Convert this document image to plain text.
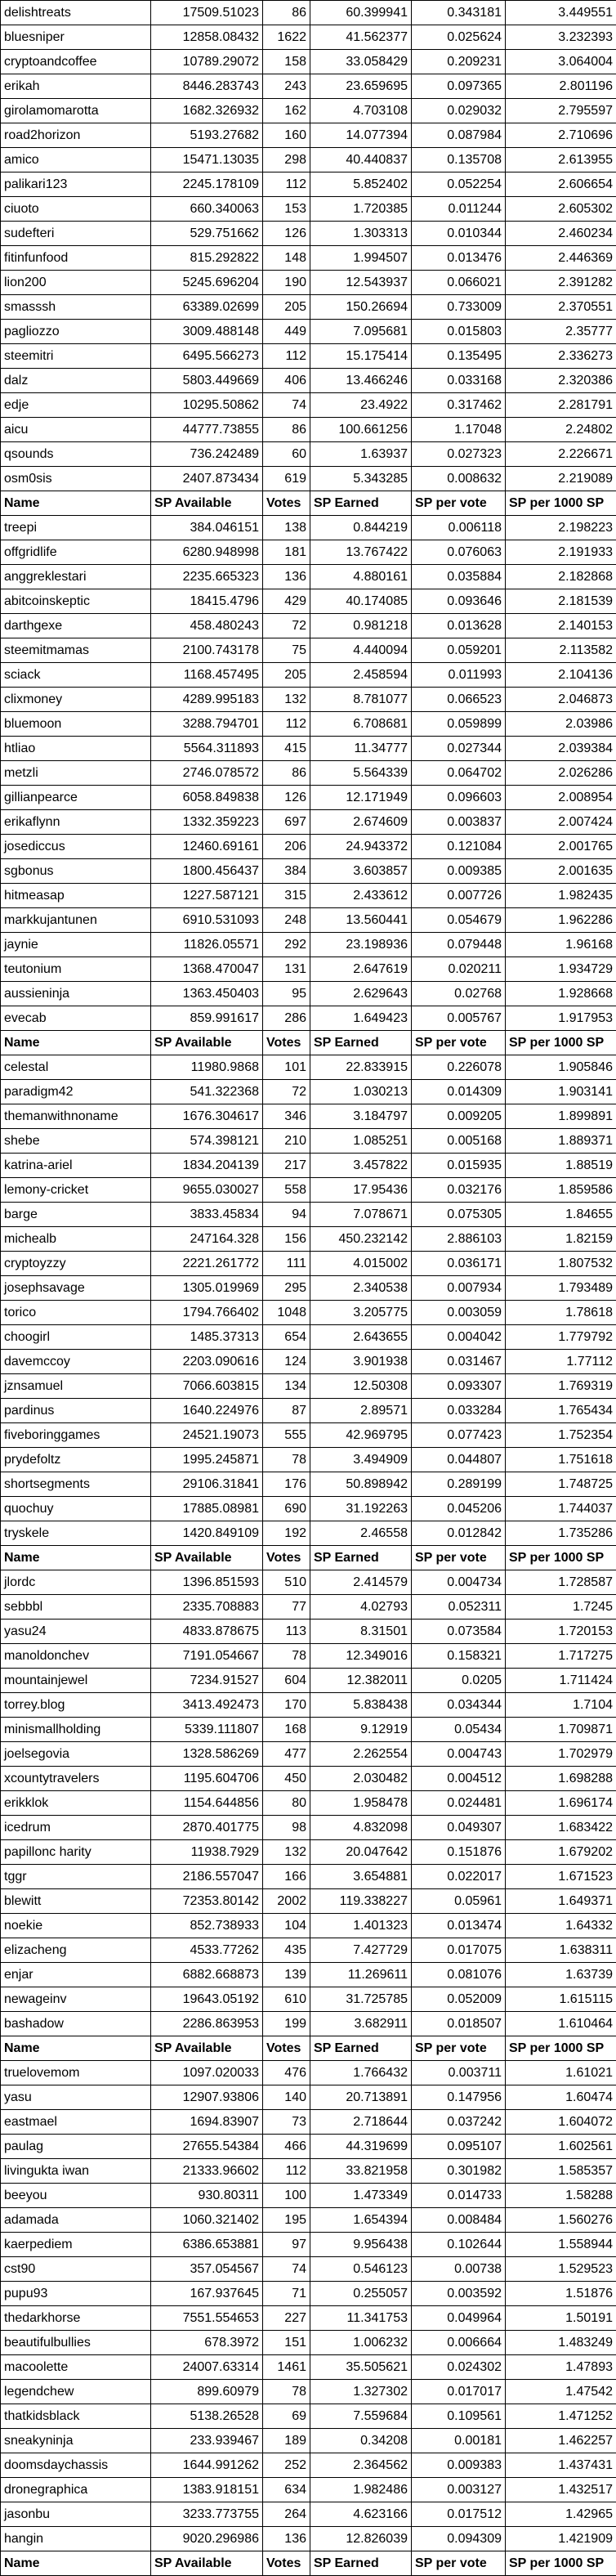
delishtreats	17509.51023	86	60.399941	0.343181	3.449551
bluesniper	12858.08432	1622	41.562377	0.025624	3.232393
cryptoandcoffee	10789.29072	158	33.058429	0.209231	3.064004
erikah	8446.283743	243	23.659695	0.097365	2.801196
girolamomarotta	1682.326932	162	4.703108	0.029032	2.795597
road2horizon	5193.27682	160	14.077394	0.087984	2.710696
amico	15471.13035	298	40.440837	0.135708	2.613955
palikari123	2245.178109	112	5.852402	0.052254	2.606654
ciuoto	660.340063	153	1.720385	0.011244	2.605302
sudefteri	529.751662	126	1.303313	0.010344	2.460234
fitinfunfood	815.292822	148	1.994507	0.013476	2.446369
lion200	5245.696204	190	12.543937	0.066021	2.391282
smasssh	63389.02699	205	150.26694	0.733009	2.370551
pagliozzo	3009.488148	449	7.095681	0.015803	2.35777
steemitri	6495.566273	112	15.175414	0.135495	2.336273
dalz	5803.449669	406	13.466246	0.033168	2.320386
edje	10295.50862	74	23.4922	0.317462	2.281791
aicu	44777.73855	86	100.661256	1.17048	2.24802
qsounds	736.242489	60	1.63937	0.027323	2.226671
osm0sis	2407.873434	619	5.343285	0.008632	2.219089
Name	SP Available	Votes	SP Earned	SP per vote	SP per 1000 SP
treepi	384.046151	138	0.844219	0.006118	2.198223
offgridlife	6280.948998	181	13.767422	0.076063	2.191933
anggreklestari	2235.665323	136	4.880161	0.035884	2.182868
abitcoinskeptic	18415.4796	429	40.174085	0.093646	2.181539
darthgexe	458.480243	72	0.981218	0.013628	2.140153
steemitmamas	2100.743178	75	4.440094	0.059201	2.113582
sciack	1168.457495	205	2.458594	0.011993	2.104136
clixmoney	4289.995183	132	8.781077	0.066523	2.046873
bluemoon	3288.794701	112	6.708681	0.059899	2.03986
htliao	5564.311893	415	11.34777	0.027344	2.039384
metzli	2746.078572	86	5.564339	0.064702	2.026286
gillianpearce	6058.849838	126	12.171949	0.096603	2.008954
erikaflynn	1332.359223	697	2.674609	0.003837	2.007424
josediccus	12460.69161	206	24.943372	0.121084	2.001765
sgbonus	1800.456437	384	3.603857	0.009385	2.001635
hitmeasap	1227.587121	315	2.433612	0.007726	1.982435
markkujantunen	6910.531093	248	13.560441	0.054679	1.962286
jaynie	11826.05571	292	23.198936	0.079448	1.96168
teutonium	1368.470047	131	2.647619	0.020211	1.934729
aussieninja	1363.450403	95	2.629643	0.02768	1.928668
evecab	859.991617	286	1.649423	0.005767	1.917953
Name	SP Available	Votes	SP Earned	SP per vote	SP per 1000 SP
celestal	11980.9868	101	22.833915	0.226078	1.905846
paradigm42	541.322368	72	1.030213	0.014309	1.903141
themanwithnoname	1676.304617	346	3.184797	0.009205	1.899891
shebe	574.398121	210	1.085251	0.005168	1.889371
katrina-ariel	1834.204139	217	3.457822	0.015935	1.88519
lemony-cricket	9655.030027	558	17.95436	0.032176	1.859586
barge	3833.45834	94	7.078671	0.075305	1.84655
michealb	247164.328	156	450.232142	2.886103	1.82159
cryptoyzzy	2221.261772	111	4.015002	0.036171	1.807532
josephsavage	1305.019969	295	2.340538	0.007934	1.793489
torico	1794.766402	1048	3.205775	0.003059	1.78618
choogirl	1485.37313	654	2.643655	0.004042	1.779792
davemccoy	2203.090616	124	3.901938	0.031467	1.77112
jznsamuel	7066.603815	134	12.50308	0.093307	1.769319
pardinus	1640.224976	87	2.89571	0.033284	1.765434
fiveboringgames	24521.19073	555	42.969795	0.077423	1.752354
prydefoltz	1995.245871	78	3.494909	0.044807	1.751618
shortsegments	29106.31841	176	50.898942	0.289199	1.748725
quochuy	17885.08981	690	31.192263	0.045206	1.744037
tryskele	1420.849109	192	2.46558	0.012842	1.735286
Name	SP Available	Votes	SP Earned	SP per vote	SP per 1000 SP
jlordc	1396.851593	510	2.414579	0.004734	1.728587
sebbbl	2335.708883	77	4.02793	0.052311	1.7245
yasu24	4833.878675	113	8.31501	0.073584	1.720153
manoldonchev	7191.054667	78	12.349016	0.158321	1.717275
mountainjewel	7234.91527	604	12.382011	0.0205	1.711424
torrey.blog	3413.492473	170	5.838438	0.034344	1.7104
minismallholding	5339.111807	168	9.12919	0.05434	1.709871
joelsegovia	1328.586269	477	2.262554	0.004743	1.702979
xcountytravelers	1195.604706	450	2.030482	0.004512	1.698288
erikklok	1154.644856	80	1.958478	0.024481	1.696174
icedrum	2870.401775	98	4.832098	0.049307	1.683422
papillonc harity	11938.7929	132	20.047642	0.151876	1.679202
tggr	2186.557047	166	3.654881	0.022017	1.671523
blewitt	72353.80142	2002	119.338227	0.05961	1.649371
noekie	852.738933	104	1.401323	0.013474	1.64332
elizacheng	4533.77262	435	7.427729	0.017075	1.638311
enjar	6882.668873	139	11.269611	0.081076	1.63739
newageinv	19643.05192	610	31.725785	0.052009	1.615115
bashadow	2286.863953	199	3.682911	0.018507	1.610464
Name	SP Available	Votes	SP Earned	SP per vote	SP per 1000 SP
truelovemom	1097.020033	476	1.766432	0.003711	1.61021
yasu	12907.93806	140	20.713891	0.147956	1.60474
eastmael	1694.83907	73	2.718644	0.037242	1.604072
paulag	27655.54384	466	44.319699	0.095107	1.602561
livingukta iwan	21333.96602	112	33.821958	0.301982	1.585357
beeyou	930.80311	100	1.473349	0.014733	1.58288
adamada	1060.321402	195	1.654394	0.008484	1.560276
kaerpediem	6386.653881	97	9.956438	0.102644	1.558944
cst90	357.054567	74	0.546123	0.00738	1.529523
pupu93	167.937645	71	0.255057	0.003592	1.51876
thedarkhorse	7551.554653	227	11.341753	0.049964	1.50191
beautifulbullies	678.3972	151	1.006232	0.006664	1.483249
macoolette	24007.63314	1461	35.505621	0.024302	1.47893
legendchew	899.60979	78	1.327302	0.017017	1.47542
thatkidsblack	5138.26528	69	7.559684	0.109561	1.471252
sneakyninja	233.939467	189	0.34208	0.00181	1.462257
doomsdaychassis	1644.991262	252	2.364562	0.009383	1.437431
dronegraphica	1383.918151	634	1.982486	0.003127	1.432517
jasonbu	3233.773755	264	4.623166	0.017512	1.42965
hangin	9020.296986	136	12.826039	0.094309	1.421909
Name	SP Available	Votes	SP Earned	SP per vote	SP per 1000 SP
